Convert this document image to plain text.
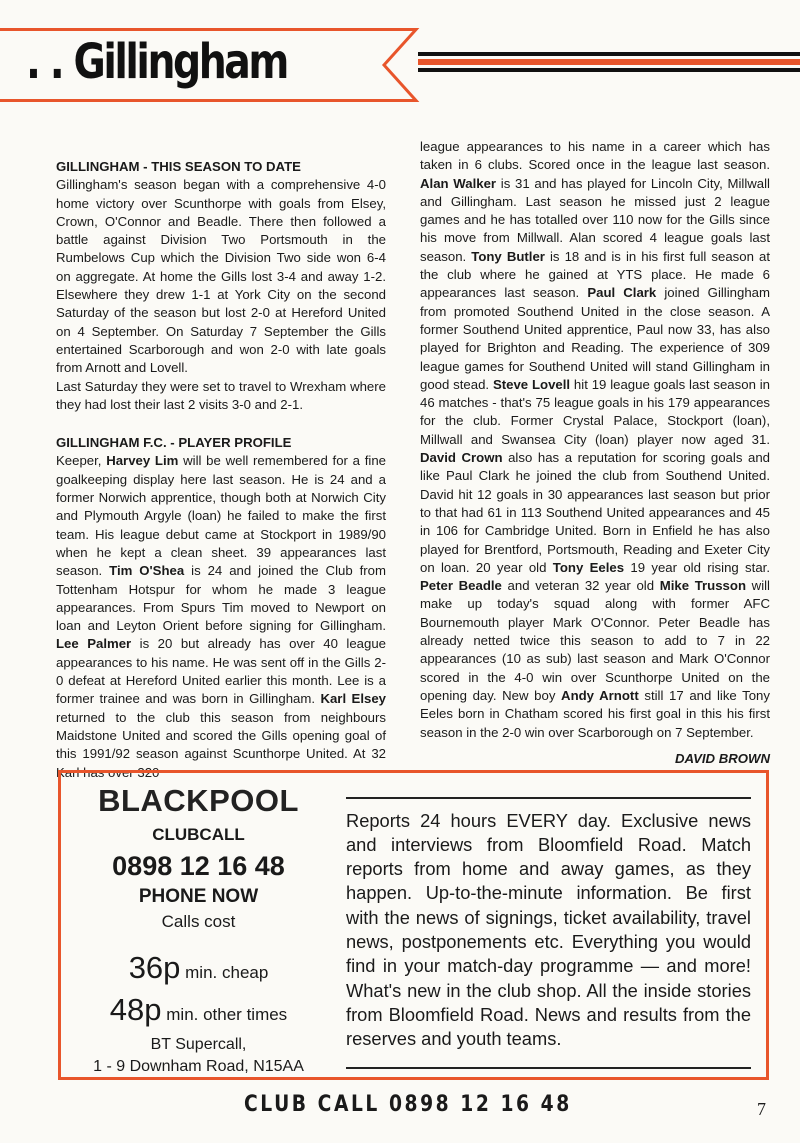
. . Gillingham

GILLINGHAM - THIS SEASON TO DATE

Gillingham's season began with a comprehensive 4-0 home victory over Scunthorpe with goals from Elsey, Crown, O'Connor and Beadle. There then followed a battle against Division Two Portsmouth in the Rumbelows Cup which the Division Two side won 6-4 on aggregate. At home the Gills lost 3-4 and away 1-2. Elsewhere they drew 1-1 at York City on the second Saturday of the season but lost 2-0 at Hereford United on 4 September. On Saturday 7 September the Gills entertained Scarborough and won 2-0 with late goals from Arnott and Lovell.

Last Saturday they were set to travel to Wrexham where they had lost their last 2 visits 3-0 and 2-1.

GILLINGHAM F.C. - PLAYER PROFILE

Keeper, Harvey Lim will be well remembered for a fine goalkeeping display here last season. He is 24 and a former Norwich apprentice, though both at Norwich City and Plymouth Argyle (loan) he failed to make the first team. His league debut came at Stockport in 1989/90 when he kept a clean sheet. 39 appearances last season. Tim O'Shea is 24 and joined the Club from Tottenham Hotspur for whom he made 3 league appearances. From Spurs Tim moved to Newport on loan and Leyton Orient before signing for Gillingham. Lee Palmer is 20 but already has over 40 league appearances to his name. He was sent off in the Gills 2-0 defeat at Hereford United earlier this month. Lee is a former trainee and was born in Gillingham. Karl Elsey returned to the club this season from neighbours Maidstone United and scored the Gills opening goal of this 1991/92 season against Scunthorpe United. At 32 Karl has over 320

league appearances to his name in a career which has taken in 6 clubs. Scored once in the league last season. Alan Walker is 31 and has played for Lincoln City, Millwall and Gillingham. Last season he missed just 2 league games and he has totalled over 110 now for the Gills since his move from Millwall. Alan scored 4 league goals last season. Tony Butler is 18 and is in his first full season at the club where he gained at YTS place. He made 6 appearances last season. Paul Clark joined Gillingham from promoted Southend United in the close season. A former Southend United apprentice, Paul now 33, has also played for Brighton and Reading. The experience of 309 league games for Southend United will stand Gillingham in good stead. Steve Lovell hit 19 league goals last season in 46 matches - that's 75 league goals in his 179 appearances for the club. Former Crystal Palace, Stockport (loan), Millwall and Swansea City (loan) player now aged 31. David Crown also has a reputation for scoring goals and like Paul Clark he joined the club from Southend United. David hit 12 goals in 30 appearances last season but prior to that had 61 in 113 Southend United appearances and 45 in 106 for Cambridge United. Born in Enfield he has also played for Brentford, Portsmouth, Reading and Exeter City on loan. 20 year old Tony Eeles 19 year old rising star. Peter Beadle and veteran 32 year old Mike Trusson will make up today's squad along with former AFC Bournemouth player Mark O'Connor. Peter Beadle has already netted twice this season to add to 7 in 22 appearances (10 as sub) last season and Mark O'Connor scored in the 4-0 win over Scunthorpe United on the opening day. New boy Andy Arnott still 17 and like Tony Eeles born in Chatham scored his first goal in this his first season in the 2-0 win over Scarborough on 7 September.

DAVID BROWN

BLACKPOOL
CLUBCALL
0898 12 16 48
PHONE NOW
Calls cost
36p min. cheap
48p min. other times
BT Supercall,
1 - 9 Downham Road, N15AA

Reports 24 hours EVERY day. Exclusive news and interviews from Bloomfield Road. Match reports from home and away games, as they happen. Up-to-the-minute information. Be first with the news of signings, ticket availability, travel news, postponements etc. Everything you would find in your match-day programme — and more! What's new in the club shop. All the inside stories from Bloomfield Road. News and results from the reserves and youth teams.

CLUB CALL 0898 12 16 48	7
